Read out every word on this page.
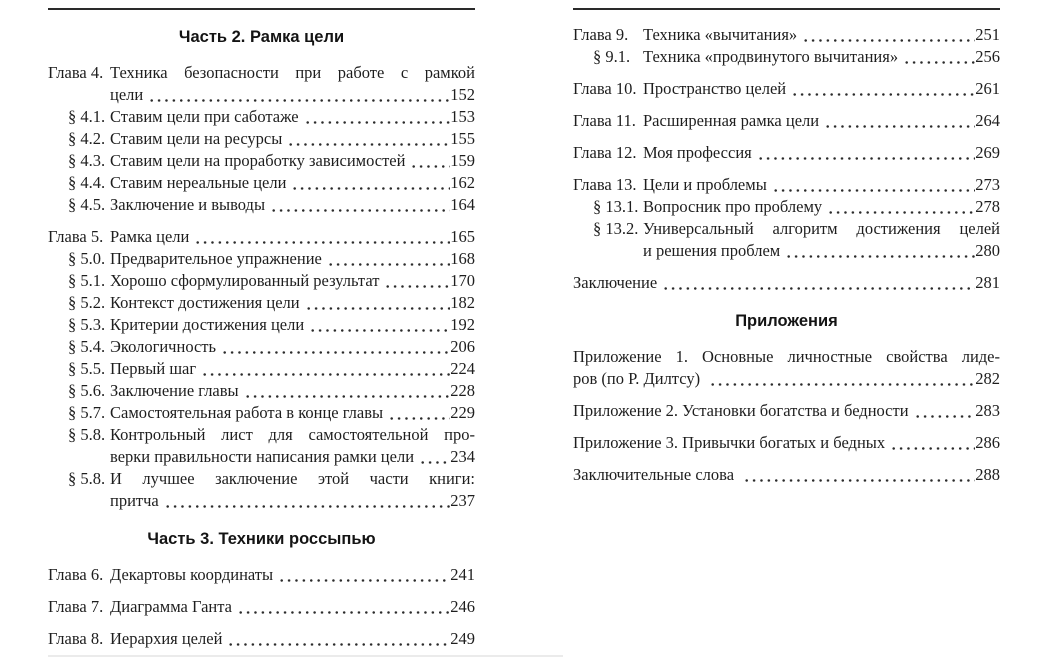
Часть 2. Рамка цели
Глава 4. Техника безопасности при работе с рамкой
цели	152
§ 4.1. Ставим цели при саботаже	153
§ 4.2. Ставим цели на ресурсы	155
§ 4.3. Ставим цели на проработку зависимостей	159
§ 4.4. Ставим нереальные цели	162
§ 4.5. Заключение и выводы	164
Глава 5. Рамка цели	165
§ 5.0. Предварительное упражнение	168
§ 5.1. Хорошо сформулированный результат	170
§ 5.2. Контекст достижения цели	182
§ 5.3. Критерии достижения цели	192
§ 5.4. Экологичность	206
§ 5.5. Первый шаг	224
§ 5.6. Заключение главы	228
§ 5.7. Самостоятельная работа в конце главы	229
§ 5.8. Контрольный лист для самостоятельной про-
верки правильности написания рамки цели 234
§ 5.8. И лучшее заключение этой части книги:
притча	237
Часть 3. Техники россыпью
Глава 6. Декартовы координаты	241
Глава 7. Диаграмма Ганта	246
Глава 8. Иерархия целей	249
Глава 9. Техника «вычитания»	251
§ 9.1. Техника «продвинутого вычитания»	256
Глава 10. Пространство целей	261
Глава 11. Расширенная рамка цели	264
Глава 12. Моя профессия	269
Глава 13. Цели и проблемы	273
§ 13.1. Вопросник про проблему	278
§ 13.2. Универсальный алгоритм достижения целей
и решения проблем	280
Заключение	281
Приложения
Приложение 1. Основные личностные свойства лиде-
ров (по Р. Дилтсу)	282
Приложение 2. Установки богатства и бедности	283
Приложение 3. Привычки богатых и бедных	286
Заключительные слова	288
